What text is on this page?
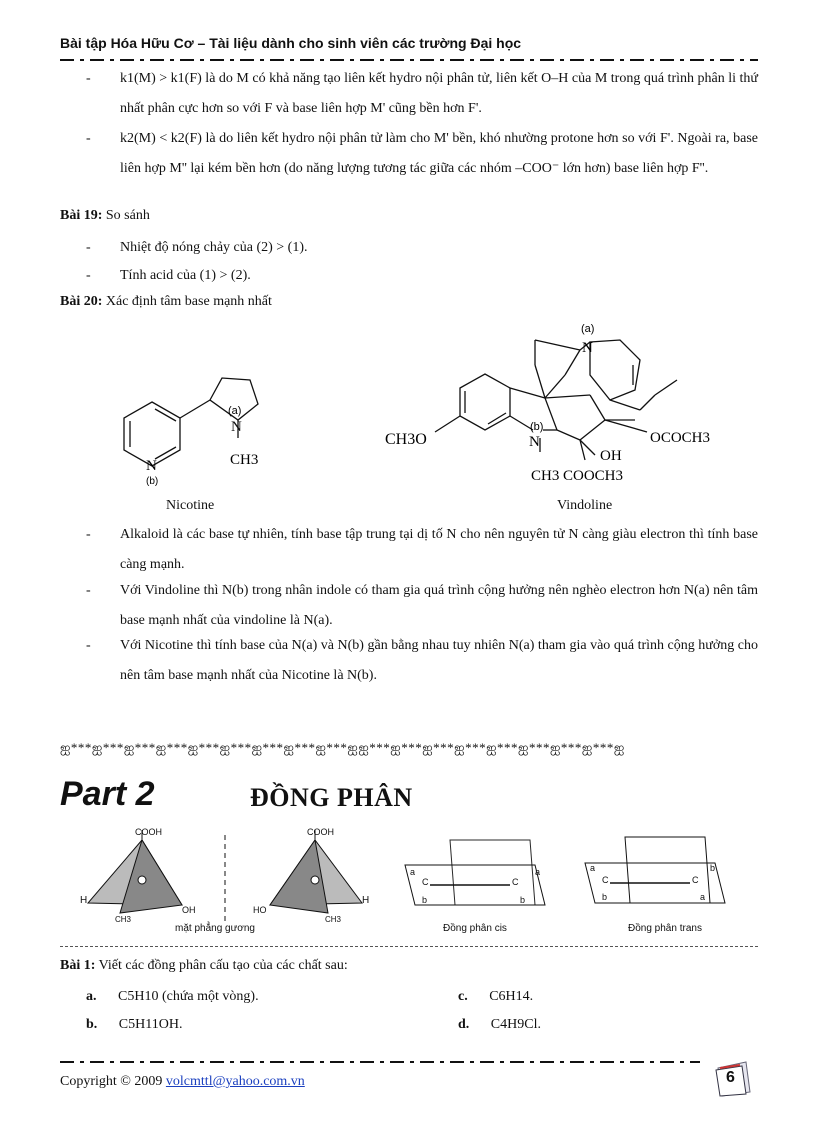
Bài tập Hóa Hữu Cơ – Tài liệu dành cho sinh viên các trường Đại học
- k1(M) > k1(F) là do M có khả năng tạo liên kết hydro nội phân tử, liên kết O–H của M trong quá trình phân li thứ nhất phân cực hơn so với F và base liên hợp M' cũng bền hơn F'.
- k2(M) < k2(F) là do liên kết hydro nội phân tử làm cho M' bền, khó nhường protone hơn so với F'. Ngoài ra, base liên hợp M'' lại kém bền hơn (do năng lượng tương tác giữa các nhóm –COO⁻ lớn hơn) base liên hợp F''.
Bài 19: So sánh
- Nhiệt độ nóng chảy của (2) > (1).
- Tính acid của (1) > (2).
Bài 20: Xác định tâm base mạnh nhất
(a)
N
CH3
N
(b)
Nicotine
CH3O
(b)
N
CH3 COOCH3
OH
OCOCH3
(a)
N
Vindoline
- Alkaloid là các base tự nhiên, tính base tập trung tại dị tố N cho nên nguyên tử N càng giàu electron thì tính base càng mạnh.
- Với Vindoline thì N(b) trong nhân indole có tham gia quá trình cộng hưởng nên nghèo electron hơn N(a) nên tâm base mạnh nhất của vindoline là N(a).
- Với Nicotine thì tính base của N(a) và N(b) gần bằng nhau tuy nhiên N(a) tham gia vào quá trình cộng hưởng cho nên tâm base mạnh nhất của Nicotine là N(b).
ஐ***ஐ***ஐ***ஐ***ஐ***ஐ***ஐ***ஐ***ஐ***ஐஐ***ஐ***ஐ***ஐ***ஐ***ஐ***ஐ***ஐ***ஐ
Part 2	ĐỒNG PHÂN
COOH
H
OH
CH3
mặt phẳng gương
COOH
H
HO
CH3
C	C
a	a
b	b
Đồng phân cis
C	C
a	b
b	a
Đồng phân trans
Bài 1: Viết các đồng phân cấu tạo của các chất sau:
a. C5H10 (chứa một vòng).	c. C6H14.
b. C5H11OH.	d. C4H9Cl.
Copyright © 2009 volcmttl@yahoo.com.vn	6
